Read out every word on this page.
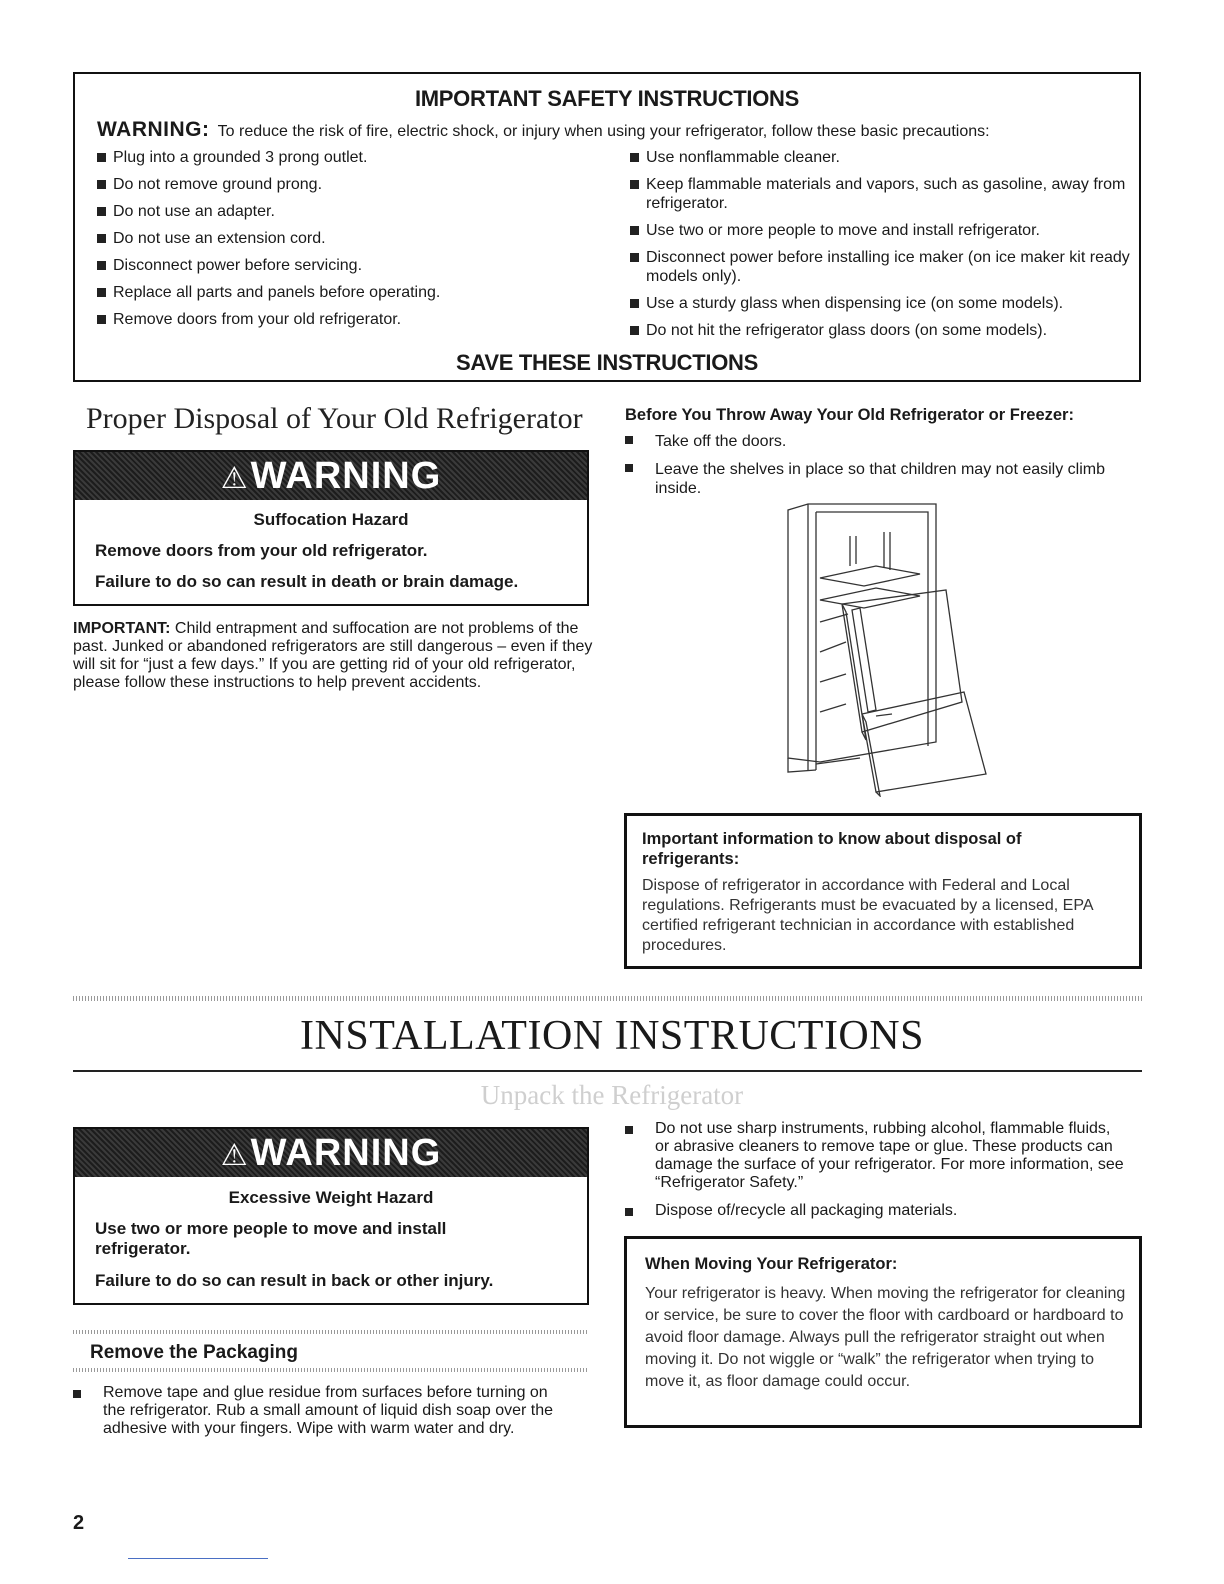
IMPORTANT SAFETY INSTRUCTIONS
WARNING: To reduce the risk of fire, electric shock, or injury when using your refrigerator, follow these basic precautions:
Plug into a grounded 3 prong outlet.
Do not remove ground prong.
Do not use an adapter.
Do not use an extension cord.
Disconnect power before servicing.
Replace all parts and panels before operating.
Remove doors from your old refrigerator.
Use nonflammable cleaner.
Keep flammable materials and vapors, such as gasoline, away from refrigerator.
Use two or more people to move and install refrigerator.
Disconnect power before installing ice maker (on ice maker kit ready models only).
Use a sturdy glass when dispensing ice (on some models).
Do not hit the refrigerator glass doors (on some models).
SAVE THESE INSTRUCTIONS
Proper Disposal of Your Old Refrigerator
⚠WARNING
Suffocation Hazard
Remove doors from your old refrigerator.
Failure to do so can result in death or brain damage.
IMPORTANT: Child entrapment and suffocation are not problems of the past. Junked or abandoned refrigerators are still dangerous – even if they will sit for “just a few days.” If you are getting rid of your old refrigerator, please follow these instructions to help prevent accidents.
Before You Throw Away Your Old Refrigerator or Freezer:
Take off the doors.
Leave the shelves in place so that children may not easily climb inside.
Important information to know about disposal of refrigerants:
Dispose of refrigerator in accordance with Federal and Local regulations. Refrigerants must be evacuated by a licensed, EPA certified refrigerant technician in accordance with established procedures.
INSTALLATION INSTRUCTIONS
Unpack the Refrigerator
⚠WARNING
Excessive Weight Hazard
Use two or more people to move and install refrigerator.
Failure to do so can result in back or other injury.
Remove the Packaging
Remove tape and glue residue from surfaces before turning on the refrigerator. Rub a small amount of liquid dish soap over the adhesive with your fingers. Wipe with warm water and dry.
Do not use sharp instruments, rubbing alcohol, flammable fluids, or abrasive cleaners to remove tape or glue. These products can damage the surface of your refrigerator. For more information, see “Refrigerator Safety.”
Dispose of/recycle all packaging materials.
When Moving Your Refrigerator:
Your refrigerator is heavy. When moving the refrigerator for cleaning or service, be sure to cover the floor with cardboard or hardboard to avoid floor damage. Always pull the refrigerator straight out when moving it. Do not wiggle or “walk” the refrigerator when trying to move it, as floor damage could occur.
2
